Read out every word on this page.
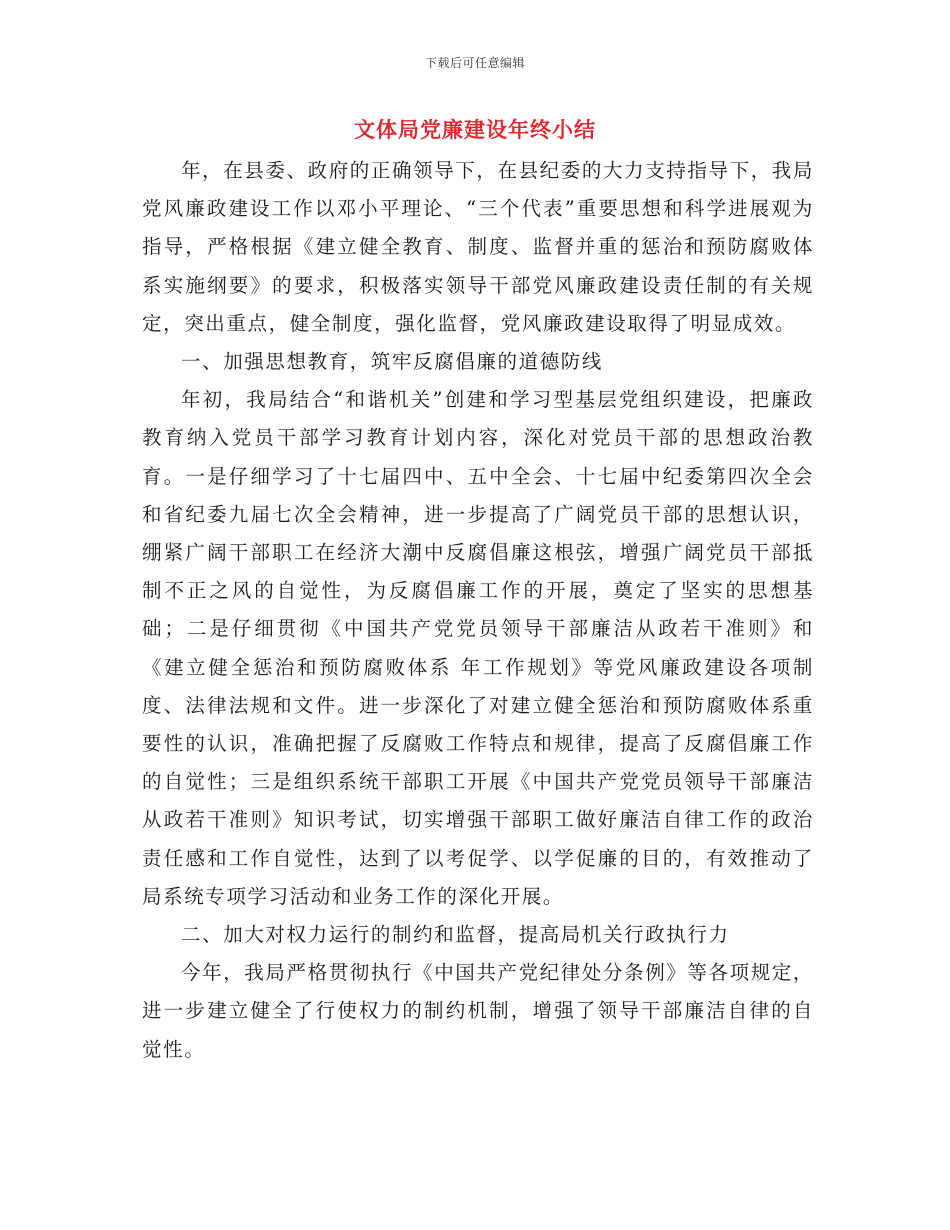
下载后可任意编辑
文体局党廉建设年终小结

年，在县委、政府的正确领导下，在县纪委的大力支持指导下，我局党风廉政建设工作以邓小平理论、“三个代表”重要思想和科学进展观为指导，严格根据《建立健全教育、制度、监督并重的惩治和预防腐败体系实施纲要》的要求，积极落实领导干部党风廉政建设责任制的有关规定，突出重点，健全制度，强化监督，党风廉政建设取得了明显成效。

一、加强思想教育，筑牢反腐倡廉的道德防线

年初，我局结合“和谐机关”创建和学习型基层党组织建设，把廉政教育纳入党员干部学习教育计划内容，深化对党员干部的思想政治教育。一是仔细学习了十七届四中、五中全会、十七届中纪委第四次全会和省纪委九届七次全会精神，进一步提高了广阔党员干部的思想认识，绷紧广阔干部职工在经济大潮中反腐倡廉这根弦，增强广阔党员干部抵制不正之风的自觉性，为反腐倡廉工作的开展，奠定了坚实的思想基础；二是仔细贯彻《中国共产党党员领导干部廉洁从政若干准则》和《建立健全惩治和预防腐败体系 年工作规划》等党风廉政建设各项制度、法律法规和文件。进一步深化了对建立健全惩治和预防腐败体系重要性的认识，准确把握了反腐败工作特点和规律，提高了反腐倡廉工作的自觉性；三是组织系统干部职工开展《中国共产党党员领导干部廉洁从政若干准则》知识考试，切实增强干部职工做好廉洁自律工作的政治责任感和工作自觉性，达到了以考促学、以学促廉的目的，有效推动了局系统专项学习活动和业务工作的深化开展。

二、加大对权力运行的制约和监督，提高局机关行政执行力

今年，我局严格贯彻执行《中国共产党纪律处分条例》等各项规定，进一步建立健全了行使权力的制约机制，增强了领导干部廉洁自律的自觉性。
